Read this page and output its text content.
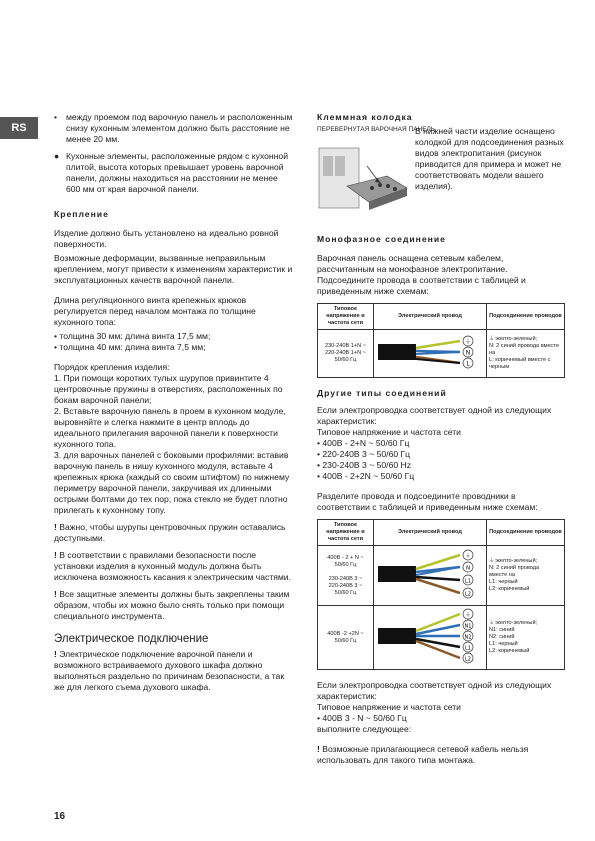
RS

• между проемом под варочную панель и расположенным снизу кухонным элементом должно быть расстояние не менее 20 мм.

● Кухонные элементы, расположенные рядом с кухонной плитой, высота которых превышает уровень варочной панели, должны находиться на расстоянии не менее 600 мм от края варочной панели.

Крепление

Изделие должно быть установлено на идеально ровной поверхности.

Возможные деформации, вызванные неправильным креплением, могут привести к изменениям характеристик и эксплуатационных качеств варочной панели.

Длина регуляционного винта крепежных крюков регулируется перед началом монтажа по толщине кухонного топа:

• толщина 30 мм: длина винта 17,5 мм;

• толщина 40 мм: длина винта 7,5 мм;

Порядок крепления изделия:

1. При помощи коротких тулых шурупов привинтите 4 центровочные пружины в отверстиях, расположенных по бокам варочной панели;

2. Вставьте варочную панель в проем в кухонном модуле, выровняйте и слегка нажмите в центр вплодь до идеального прилегания варочной панели к поверхности кухонного топа.

3. для варочных панелей с боковыми профилями: вставив варочную панель в нишу кухонного модуля, вставьте 4 крепежных крюка (каждый со своим штифтом) по нижнему периметру варочной панели, закручивая их длинными острыми болтами до тех пор, пока стекло не будет плотно прилегать к кухонному топу.

! Важно, чтобы шурупы центровочных пружин оставались доступными.

! В соответствии с правилами безопасности после установки изделия в кухонный модуль должна быть исключена возможность касания к электрическим частями.

! Все защитные элементы должны быть закреплены таким образом, чтобы их можно было снять только при помощи специального инструмента.

Электрическое подключение

! Электрическое подключение варочной панели и возможного встраиваемого духового шкафа должно выполняться раздельно по причинам безопасности, а так же для легкого съема духового шкафа.

Клеммная колодка
ПЕРЕВЕРНУТАЯ ВАРОЧНАЯ ПАНЕЛЬ
В нижней части изделие оснащено колодкой для подсоединения разных видов электропитания (рисунок приводится для примера и может не соответствовать модели вашего изделия).
Монофазное соединение

Варочная панель оснащена сетевым кабелем, рассчитанным на монофазное электропитание. Подсоедините провода в соответствии с таблицей и приведенным ниже схемам:

Типовое напряжение и частота сети	Электрический провод	Подсоединение проводов
230-240В 1+N ~
220-240В 1+N ~
50/60 Гц	⏚
N
L	⏚:желто-зеленый;
N: 2 синий провода вместе на
L: коричневый вместе с черным
Другие типы соединений

Если электропроводка соответствует одной из следующих характеристик:

Типовое напряжение и частота сети

• 400В - 2+N ~ 50/60 Гц

• 220-240В 3 ~ 50/60 Гц

• 230-240В 3 ~ 50/60 Hz

• 400В - 2+2N ~ 50/60 Гц

Разделите провода и подсоедините проводники в соответствии с таблицей и приведенным ниже схемам:

Типовое напряжение и частота сети	Электрический провод	Подсоединение проводов
400В - 2 + N ~
50/60 Гц

230-240В 3 ~
220-240В 3 ~
50/60 Гц	⏚
N
L1
L2	⏚:желто-зеленый;
N: 2 синий провода
вместе на
L1: черный
L2: коричневый

400В -2 +2N ~
50/60 Гц	⏚
N1
N2
L1
L2	⏚:желто-зеленый;
N1: синий
N2: синий
L1: черный
L2: коричневый

Если электропроводка соответствует одной из следующих характеристик:

Типовое напряжение и частота сети

• 400В 3 - N ~ 50/60 Гц

выполните следующее:

! Возможные прилагающиеся сетевой кабель нельзя использовать для такого типа монтажа.

16
